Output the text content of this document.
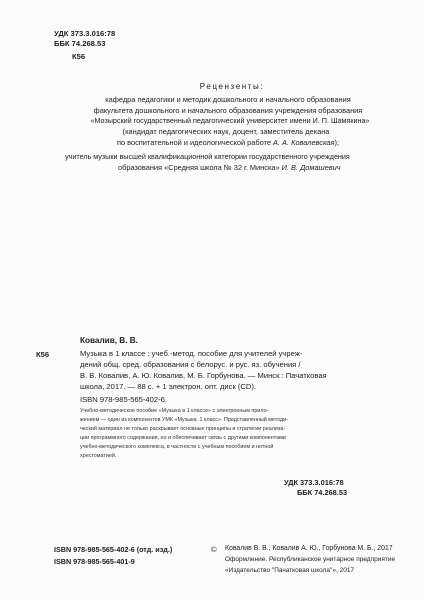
УДК 373.3.016:78
ББК 74.268.53
К56
Рецензенты:
кафедра педагогики и методик дошкольного и начального образования
факультета дошкольного и начального образования учреждения образования
«Мозырский государственный педагогический университет имени И. П. Шамякина»
(кандидат педагогических наук, доцент, заместитель декана
по воспитательной и идеологической работе А. А. Ковалевская);
учитель музыки высшей квалификационной категории государственного учреждения
образования «Средняя школа № 32 г. Минска» И. В. Домашевич
К56
Ковалив, В. В.
Музыка в 1 классе : учеб.-метод. пособие для учителей учреж-
дений общ. сред. образования с белорус. и рус. яз. обучения /
В. В. Ковалив, А. Ю. Ковалив, М. Б. Горбунова. — Минск : Пачатковая
школа, 2017. — 88 с. + 1 электрон. опт. диск (CD).
ISBN 978-985-565-402-6.
Учебно-методическое пособие «Музыка в 1 классе» с электронным прило-
жением — один из компонентов УМК «Музыка. 1 класс». Представленный методи-
ческий материал не только раскрывает основные принципы и стратегии реализа-
ции программного содержания, но и обеспечивает связь с другими компонентами
учебно-методического комплекса, в частности с учебным пособием и нотной
хрестоматией.
УДК 373.3.016:78
ББК 74.268.53
ISBN 978-985-565-402-6 (отд. изд.)
ISBN 978-985-565-401-9
© Ковалив В. В., Ковалив А. Ю., Горбунова М. Б., 2017
Оформление. Республиканское унитарное предприятие
«Издательство "Пачатковая школа"», 2017
